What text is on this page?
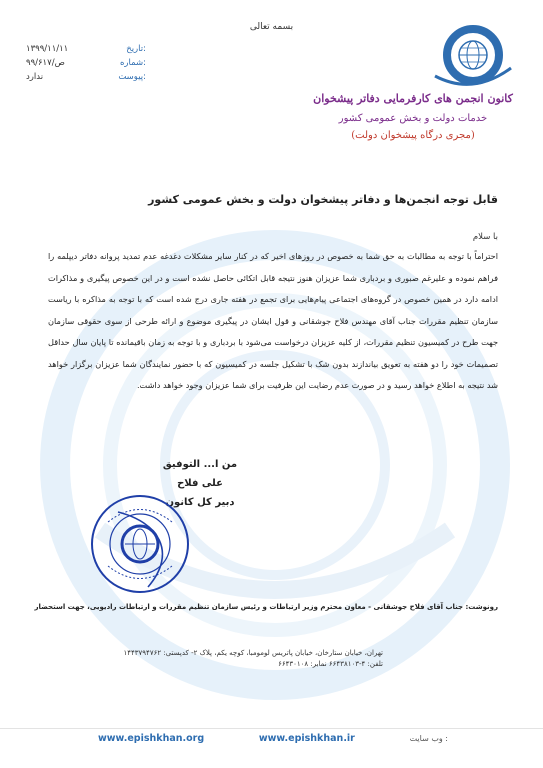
بسمه تعالی
۱۳۹۹/۱۱/۱۱	تاریخ:
۹۹/۶۱۷/ص	شماره:
ندارد	پیوست:
کانون انجمن های کارفرمایی دفاتر پیشخوان
خدمات دولت و بخش عمومی کشور
(مجری درگاه پیشخوان دولت)
قابل توجه انجمن‌ها و دفاتر پیشخوان دولت و بخش عمومی کشور
با سلام
احتراماً با توجه به مطالبات به حق شما به خصوص در روزهای اخیر که در کنار سایر مشکلات دغدغه عدم تمدید پروانه دفاتر دیپلمه را فراهم نموده و علیرغم صبوری و بردباری شما عزیزان هنوز نتیجه قابل اتکائی حاصل نشده است و در این خصوص پیگیری و مذاکرات ادامه دارد در همین خصوص در گروه‌های اجتماعی پیام‌هایی برای تجمع در هفته جاری درج شده است که با توجه به مذاکره با ریاست سازمان تنظیم مقررات جناب آقای مهندس فلاح جوشقانی و قول ایشان در پیگیری موضوع و ارائه طرحی از سوی حقوقی سازمان جهت طرح در کمیسیون تنظیم مقررات، از کلیه عزیزان درخواست می‌شود با بردباری و با توجه به زمان باقیمانده تا پایان سال حداقل تصمیمات خود را دو هفته به تعویق بیاندازند بدون شک با تشکیل جلسه در کمیسیون که با حضور نمایندگان شما عزیزان برگزار خواهد شد نتیجه به اطلاع خواهد رسید و در صورت عدم رضایت این ظرفیت برای شما عزیزان وجود خواهد داشت.
من ا... التوفیق
علی فلاح
دبیر کل کانون
رونوشت: جناب آقای فلاح جوشقانی - معاون محترم وزیر ارتباطات و رئیس سازمان تنظیم مقررات و ارتباطات رادیویی، جهت استحضار
تهران، خیابان ستارخان، خیابان پاتریس لومومبا، کوچه یکم، پلاک ۲- کدپستی: ۱۴۴۳۷۹۴۷۶۲
تلفن: ۴-۶۶۴۳۸۱۰۳ نمابر: ۶۶۴۳۰۱۰۸
www.epishkhan.org	www.epishkhan.ir	وب سایت :
